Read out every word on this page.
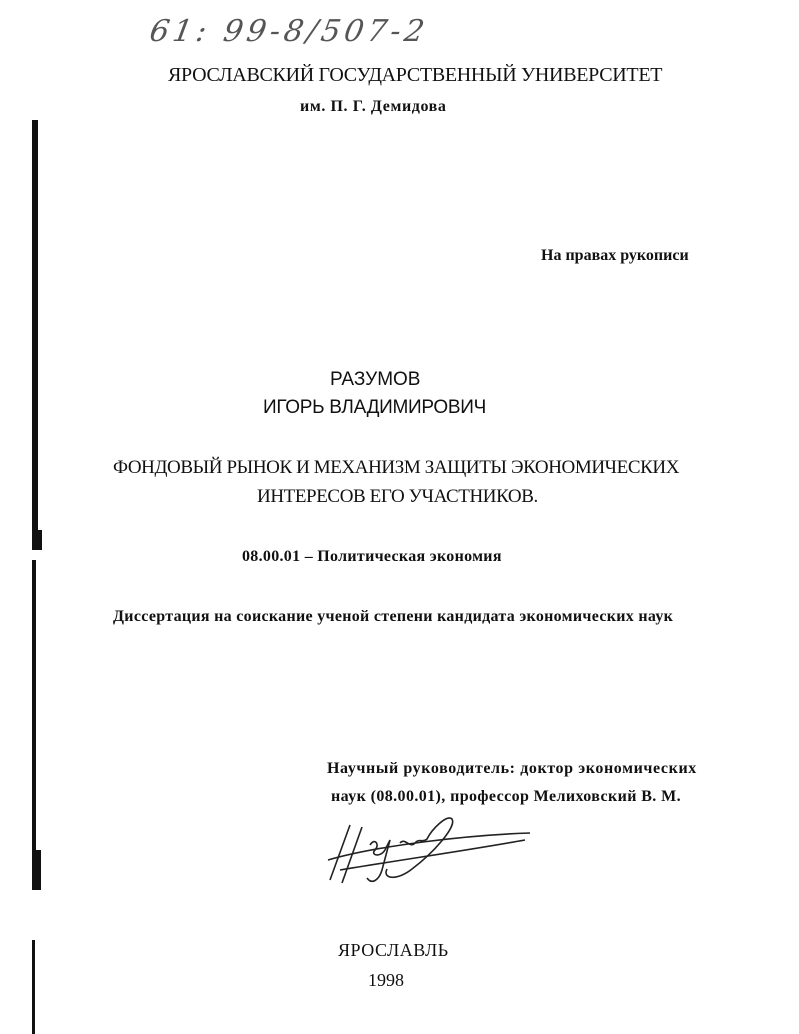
61: 99-8/507-2
ЯРОСЛАВСКИЙ ГОСУДАРСТВЕННЫЙ УНИВЕРСИТЕТ
им. П. Г. Демидова
На правах рукописи
РАЗУМОВ
ИГОРЬ ВЛАДИМИРОВИЧ
ФОНДОВЫЙ РЫНОК И МЕХАНИЗМ ЗАЩИТЫ ЭКОНОМИЧЕСКИХ
ИНТЕРЕСОВ ЕГО УЧАСТНИКОВ.
08.00.01 – Политическая экономия
Диссертация на соискание ученой степени кандидата экономических наук
Научный руководитель: доктор экономических
наук (08.00.01), профессор Мелиховский В. М.
ЯРОСЛАВЛЬ
1998
